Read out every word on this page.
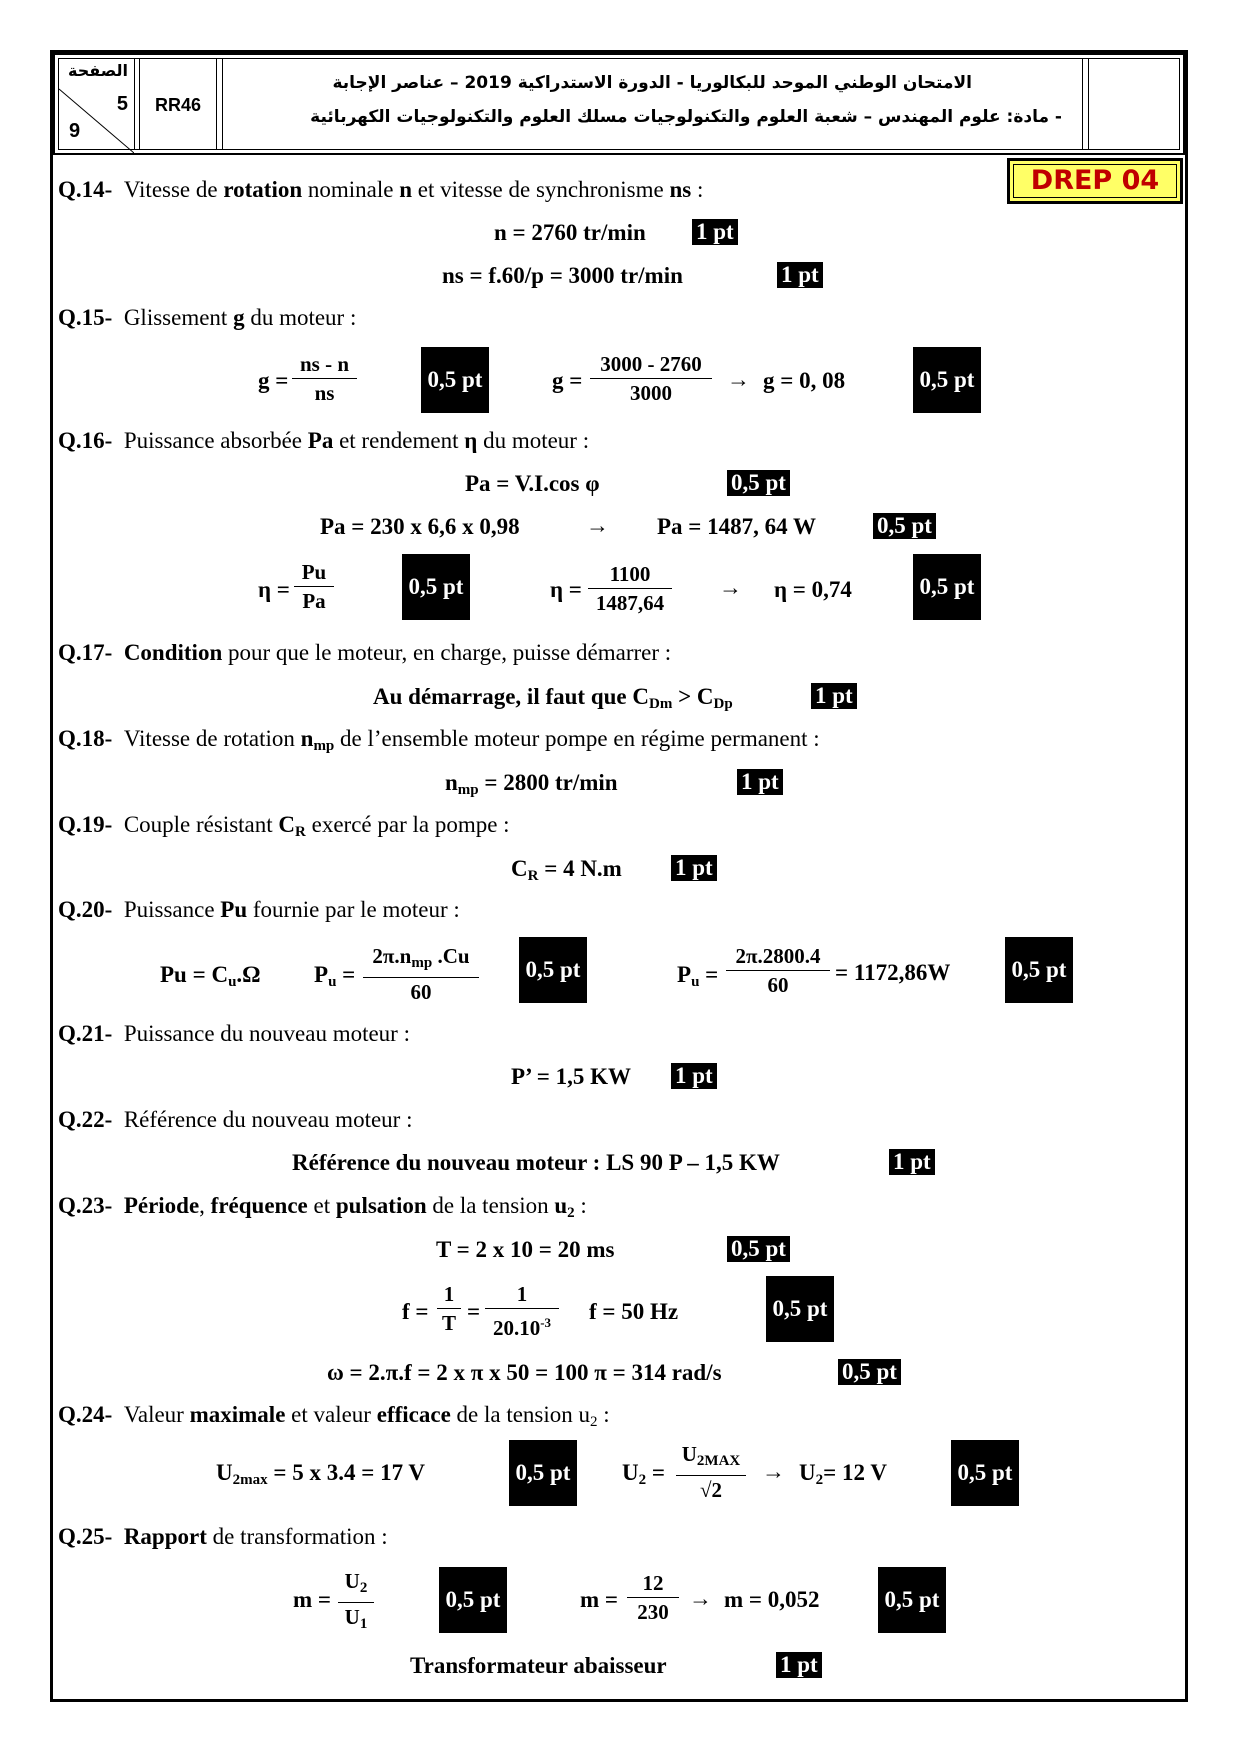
الصفحة
5
9
RR46
الامتحان الوطني الموحد للبكالوريا - الدورة الاستدراكية 2019 – عناصر الإجابة
- مادة: علوم المهندس – شعبة العلوم والتكنولوجيات مسلك العلوم والتكنولوجيات الكهربائية
DREP 04
Q.14- Vitesse de rotation nominale n et vitesse de synchronisme ns :
n = 2760 tr/min 1 pt
ns = f.60/p = 3000 tr/min	1 pt
Q.15- Glissement g du moteur :
g =
ns - n
ns
0,5 pt	g =
3000 - 2760
3000
→ g = 0, 08	0,5 pt
Q.16- Puissance absorbée Pa et rendement η du moteur :
Pa = V.I.cos φ	0,5 pt
Pa = 230 x 6,6 x 0,98	→ Pa = 1487, 64 W	0,5 pt
η =
Pu
Pa
0,5 pt	η =
1100
1487,64
→ η = 0,74	0,5 pt
Q.17- Condition pour que le moteur, en charge, puisse démarrer :
Au démarrage, il faut que $C_{Dm} > C_{Dp}$	1 pt
Q.18- Vitesse de rotation $n_{mp}$ de l’ensemble moteur pompe en régime permanent :
$n_{mp} = 2800$ tr/min	1 pt
Q.19- Couple résistant $C_R$ exercé par la pompe :
$C_R = 4$ N.m 1 pt
Q.20- Puissance Pu fournie par le moteur :
$Pu = C_u.\Omega$ $P_u$ =
$2\pi.n_{mp}$ .Cu
60
0,5 pt	$P_u$ =
2π.2800.4
60	= 1172,86W	0,5 pt
Q.21- Puissance du nouveau moteur :
P’ = 1,5 KW 1 pt
Q.22- Référence du nouveau moteur :
Référence du nouveau moteur : LS 90 P – 1,5 KW	1 pt
Q.23- Période, fréquence et pulsation de la tension $u_2$ :
T = 2 x 10 = 20 ms	0,5 pt
f =
1
T =
1
$20.10^{-3}$	f = 50 Hz	0,5 pt
ω = 2.π.f = 2 x π x 50 = 100 π = 314 rad/s	0,5 pt
Q.24- Valeur maximale et valeur efficace de la tension $u_2$ :
$U_{2max} = 5$ x 3.4 = 17 V	0,5 pt $U_2$ =
$U_{2MAX}$
√2
→ $U_2= 12$ V	0,5 pt
Q.25- Rapport de transformation :
m =
$U_2$
$U_1$
0,5 pt	m =
12
230
→ m = 0,052	0,5 pt
Transformateur abaisseur	1 pt
